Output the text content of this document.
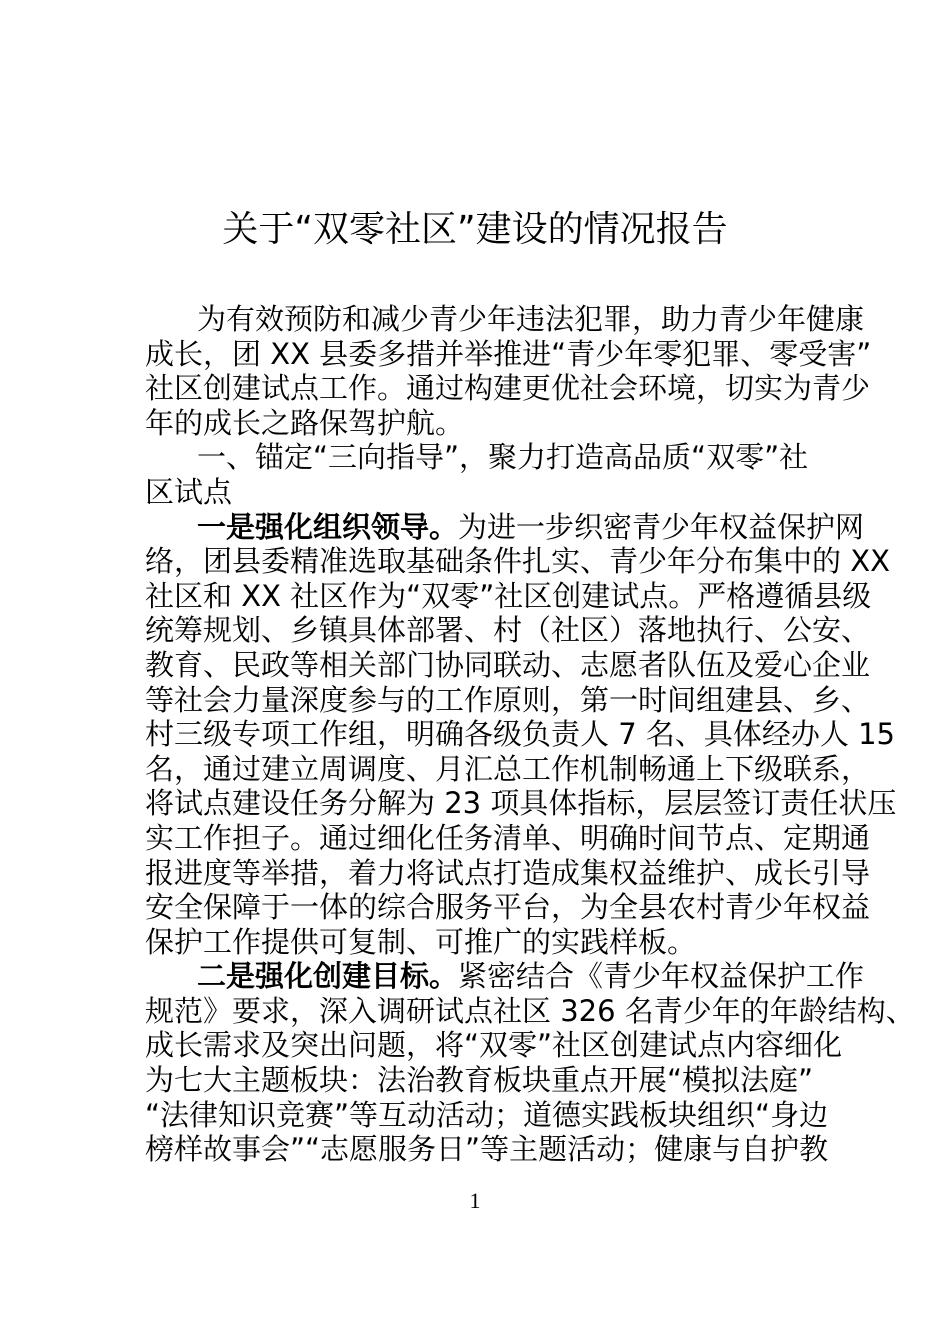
关于“双零社区”建设的情况报告
为有效预防和减少青少年违法犯罪，助力青少年健康
成长，团 XX 县委多措并举推进“青少年零犯罪、零受害”
社区创建试点工作。通过构建更优社会环境，切实为青少
年的成长之路保驾护航。
一、锚定“三向指导”，聚力打造高品质“双零”社
区试点
一是强化组织领导。为进一步织密青少年权益保护网
络，团县委精准选取基础条件扎实、青少年分布集中的 XX
社区和 XX 社区作为“双零”社区创建试点。严格遵循县级
统筹规划、乡镇具体部署、村（社区）落地执行、公安、
教育、民政等相关部门协同联动、志愿者队伍及爱心企业
等社会力量深度参与的工作原则，第一时间组建县、乡、
村三级专项工作组，明确各级负责人 7 名、具体经办人 15
名，通过建立周调度、月汇总工作机制畅通上下级联系，
将试点建设任务分解为 23 项具体指标，层层签订责任状压
实工作担子。通过细化任务清单、明确时间节点、定期通
报进度等举措，着力将试点打造成集权益维护、成长引导
安全保障于一体的综合服务平台，为全县农村青少年权益
保护工作提供可复制、可推广的实践样板。
二是强化创建目标。紧密结合《青少年权益保护工作
规范》要求，深入调研试点社区 326 名青少年的年龄结构、
成长需求及突出问题，将“双零”社区创建试点内容细化
为七大主题板块：法治教育板块重点开展“模拟法庭”
“法律知识竞赛”等互动活动；道德实践板块组织“身边
榜样故事会”“志愿服务日”等主题活动；健康与自护教
1
